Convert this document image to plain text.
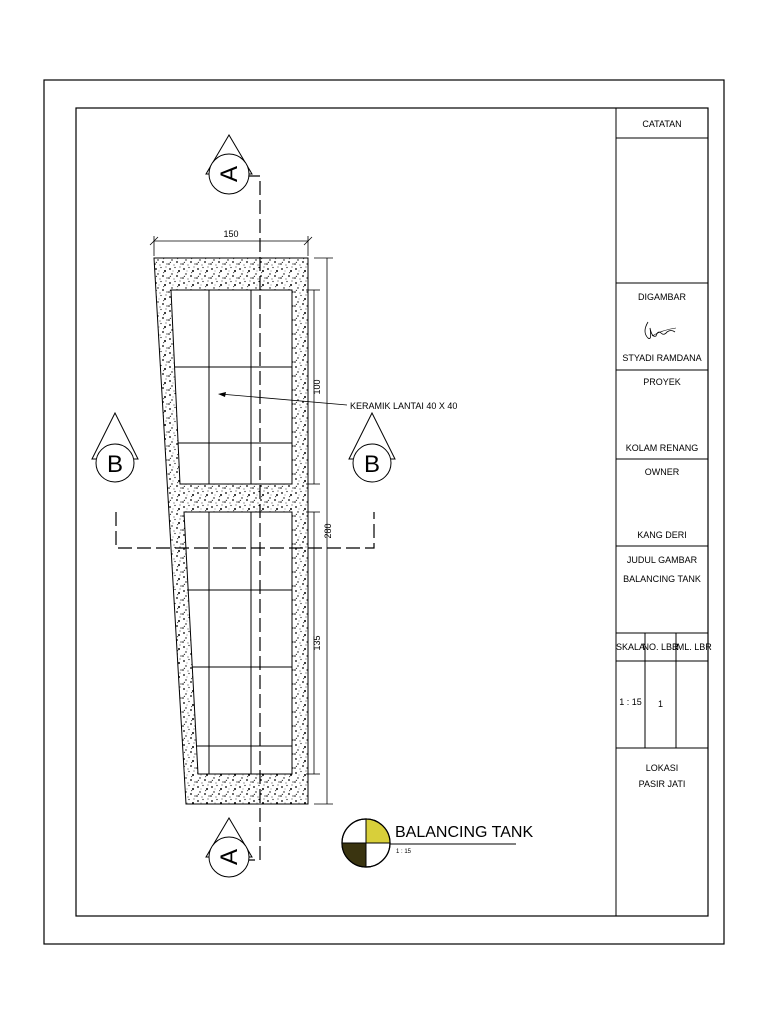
CATATAN
DIGAMBAR
STYADI RAMDANA
PROYEK
KOLAM RENANG
OWNER
KANG DERI
JUDUL GAMBAR
BALANCING TANK
SKALA
NO. LBR
JML. LBR
1 : 15 1
LOKASI
PASIR JATI
150
100
135
280
KERAMIK LANTAI 40 X 40
A
A
B	B
BALANCING TANK
1 : 15
